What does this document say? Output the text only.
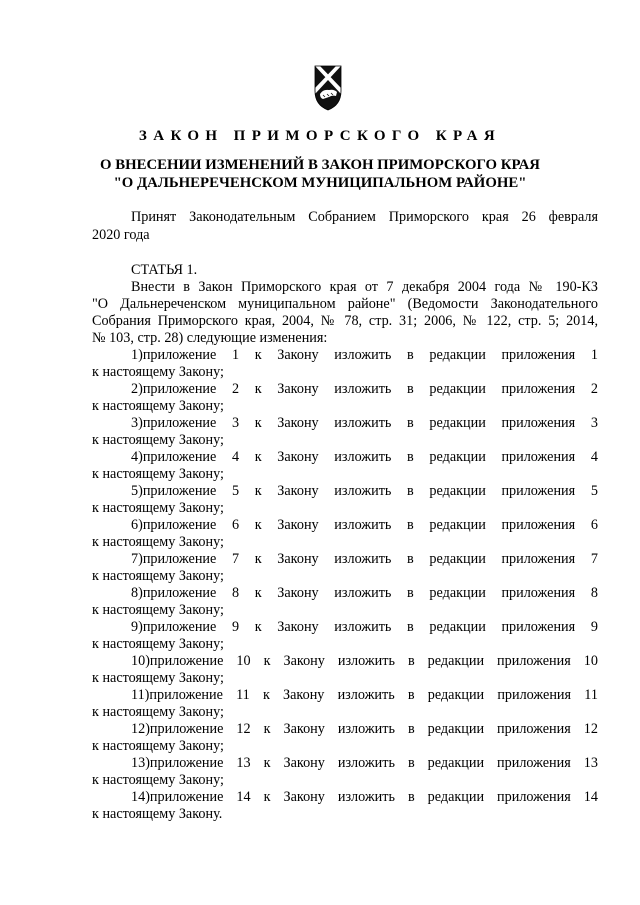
ЗАКОН ПРИМОРСКОГО КРАЯ
О ВНЕСЕНИИ ИЗМЕНЕНИЙ В ЗАКОН ПРИМОРСКОГО КРАЯ
"О ДАЛЬНЕРЕЧЕНСКОМ МУНИЦИПАЛЬНОМ РАЙОНЕ"
Принят Законодательным Собранием Приморского края 26 февраля
2020 года
СТАТЬЯ 1.
Внести в Закон Приморского края от 7 декабря 2004 года № 190-КЗ
"О Дальнереченском муниципальном районе" (Ведомости Законодательного
Собрания Приморского края, 2004, № 78, стр. 31; 2006, № 122, стр. 5; 2014,
№ 103, стр. 28) следующие изменения:
1)приложение 1 к Закону изложить в редакции приложения 1
к настоящему Закону;
2)приложение 2 к Закону изложить в редакции приложения 2
к настоящему Закону;
3)приложение 3 к Закону изложить в редакции приложения 3
к настоящему Закону;
4)приложение 4 к Закону изложить в редакции приложения 4
к настоящему Закону;
5)приложение 5 к Закону изложить в редакции приложения 5
к настоящему Закону;
6)приложение 6 к Закону изложить в редакции приложения 6
к настоящему Закону;
7)приложение 7 к Закону изложить в редакции приложения 7
к настоящему Закону;
8)приложение 8 к Закону изложить в редакции приложения 8
к настоящему Закону;
9)приложение 9 к Закону изложить в редакции приложения 9
к настоящему Закону;
10)приложение 10 к Закону изложить в редакции приложения 10
к настоящему Закону;
11)приложение 11 к Закону изложить в редакции приложения 11
к настоящему Закону;
12)приложение 12 к Закону изложить в редакции приложения 12
к настоящему Закону;
13)приложение 13 к Закону изложить в редакции приложения 13
к настоящему Закону;
14)приложение 14 к Закону изложить в редакции приложения 14
к настоящему Закону.
